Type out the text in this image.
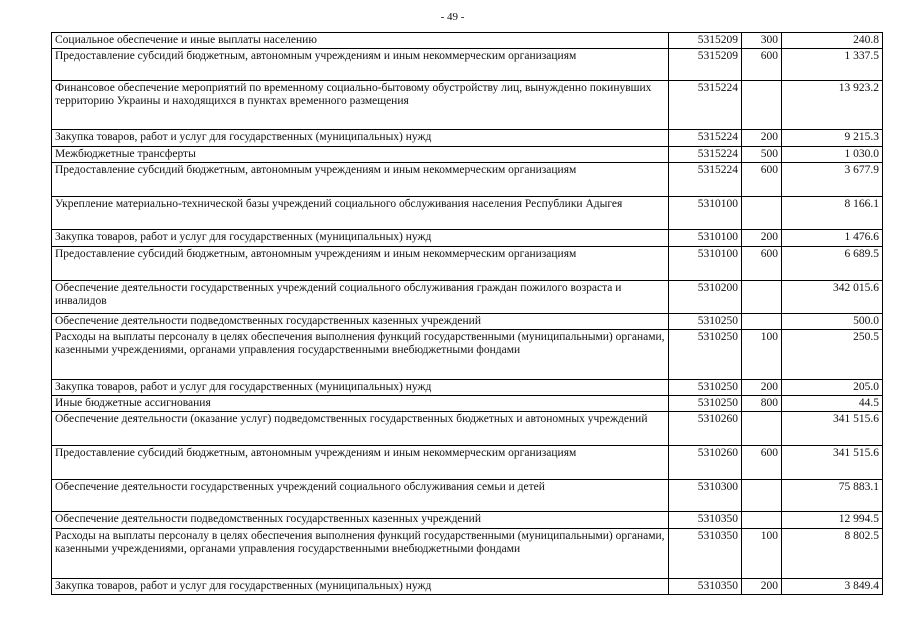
- 49 -
Социальное обеспечение и иные выплаты населению	5315209	300	240.8
Предоставление субсидий бюджетным, автономным учреждениям и иным некоммерческим организациям	5315209	600	1 337.5
Финансовое обеспечение мероприятий по временному социально-бытовому обустройству лиц, вынужденно покинувших территорию Украины и находящихся в пунктах временного размещения	5315224		13 923.2
Закупка товаров, работ и услуг для государственных (муниципальных) нужд	5315224	200	9 215.3
Межбюджетные трансферты	5315224	500	1 030.0
Предоставление субсидий бюджетным, автономным учреждениям и иным некоммерческим организациям	5315224	600	3 677.9
Укрепление материально-технической базы учреждений социального обслуживания населения Республики Адыгея	5310100		8 166.1
Закупка товаров, работ и услуг для государственных (муниципальных) нужд	5310100	200	1 476.6
Предоставление субсидий бюджетным, автономным учреждениям и иным некоммерческим организациям	5310100	600	6 689.5
Обеспечение деятельности государственных учреждений социального обслуживания граждан пожилого возраста и инвалидов	5310200		342 015.6
Обеспечение деятельности подведомственных государственных казенных учреждений	5310250		500.0
Расходы на выплаты персоналу в целях обеспечения выполнения функций государственными (муниципальными) органами, казенными учреждениями, органами управления государственными внебюджетными фондами	5310250	100	250.5
Закупка товаров, работ и услуг для государственных (муниципальных) нужд	5310250	200	205.0
Иные бюджетные ассигнования	5310250	800	44.5
Обеспечение деятельности (оказание услуг) подведомственных государственных бюджетных и автономных учреждений	5310260		341 515.6
Предоставление субсидий бюджетным, автономным учреждениям и иным некоммерческим организациям	5310260	600	341 515.6
Обеспечение деятельности государственных учреждений социального обслуживания семьи и детей	5310300		75 883.1
Обеспечение деятельности подведомственных государственных казенных учреждений	5310350		12 994.5
Расходы на выплаты персоналу в целях обеспечения выполнения функций государственными (муниципальными) органами, казенными учреждениями, органами управления государственными внебюджетными фондами	5310350	100	8 802.5
Закупка товаров, работ и услуг для государственных (муниципальных) нужд	5310350	200	3 849.4
